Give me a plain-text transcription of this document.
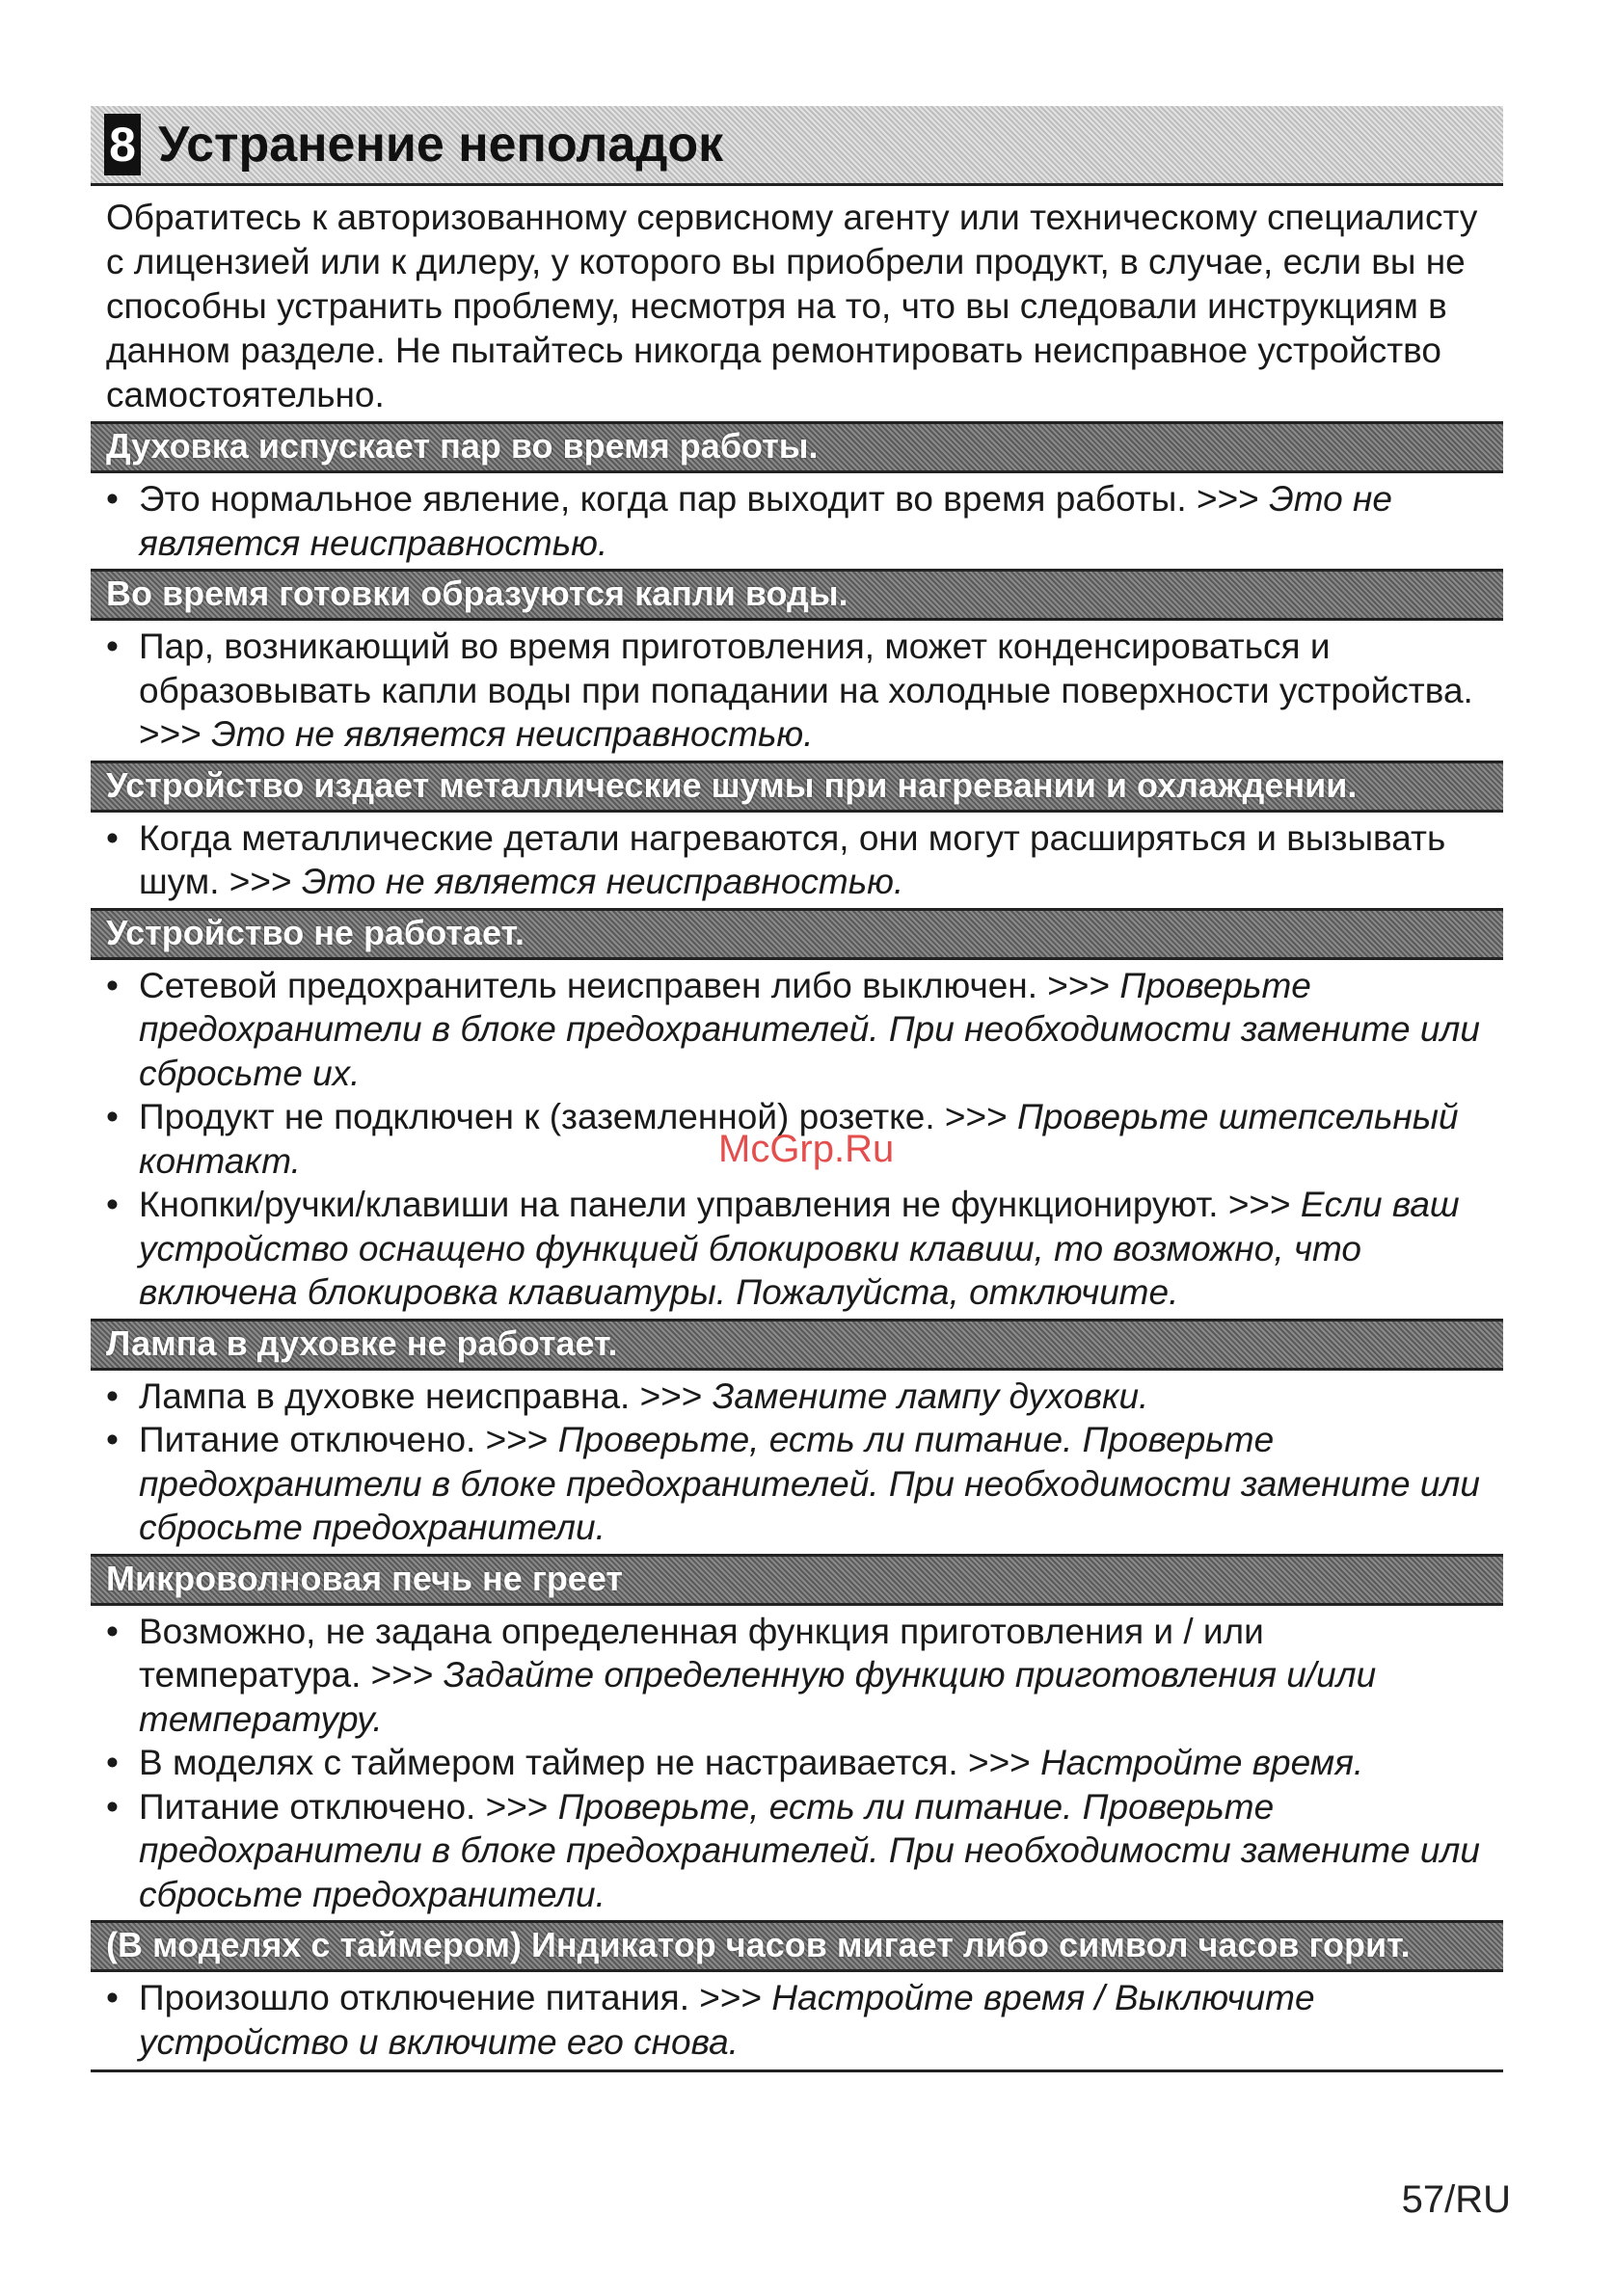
8 Устранение неполадок
Обратитесь к авторизованному сервисному агенту или техническому специалисту с лицензией или к дилеру, у которого вы приобрели продукт, в случае, если вы не способны устранить проблему, несмотря на то, что вы следовали инструкциям в данном разделе. Не пытайтесь никогда ремонтировать неисправное устройство самостоятельно.
Духовка испускает пар во время работы.
• Это нормальное явление, когда пар выходит во время работы. >>> Это не является неисправностью.
Во время готовки образуются капли воды.
• Пар, возникающий во время приготовления, может конденсироваться и образовывать капли воды при попадании на холодные поверхности устройства. >>> Это не является неисправностью.
Устройство издает металлические шумы при нагревании и охлаждении.
• Когда металлические детали нагреваются, они могут расширяться и вызывать шум. >>> Это не является неисправностью.
Устройство не работает.
• Сетевой предохранитель неисправен либо выключен. >>> Проверьте предохранители в блоке предохранителей. При необходимости замените или сбросьте их.
• Продукт не подключен к (заземленной) розетке. >>> Проверьте штепсельный контакт.
• Кнопки/ручки/клавиши на панели управления не функционируют. >>> Если ваш устройство оснащено функцией блокировки клавиш, то возможно, что включена блокировка клавиатуры. Пожалуйста, отключите.
Лампа в духовке не работает.
• Лампа в духовке неисправна. >>> Замените лампу духовки.
• Питание отключено. >>> Проверьте, есть ли питание. Проверьте предохранители в блоке предохранителей. При необходимости замените или сбросьте предохранители.
Микроволновая печь не греет
• Возможно, не задана определенная функция приготовления и / или температура. >>> Задайте определенную функцию приготовления и/или температуру.
• В моделях с таймером таймер не настраивается. >>> Настройте время.
• Питание отключено. >>> Проверьте, есть ли питание. Проверьте предохранители в блоке предохранителей. При необходимости замените или сбросьте предохранители.
(В моделях с таймером) Индикатор часов мигает либо символ часов горит.
• Произошло отключение питания. >>> Настройте время / Выключите устройство и включите его снова.
McGrp.Ru
57/RU
